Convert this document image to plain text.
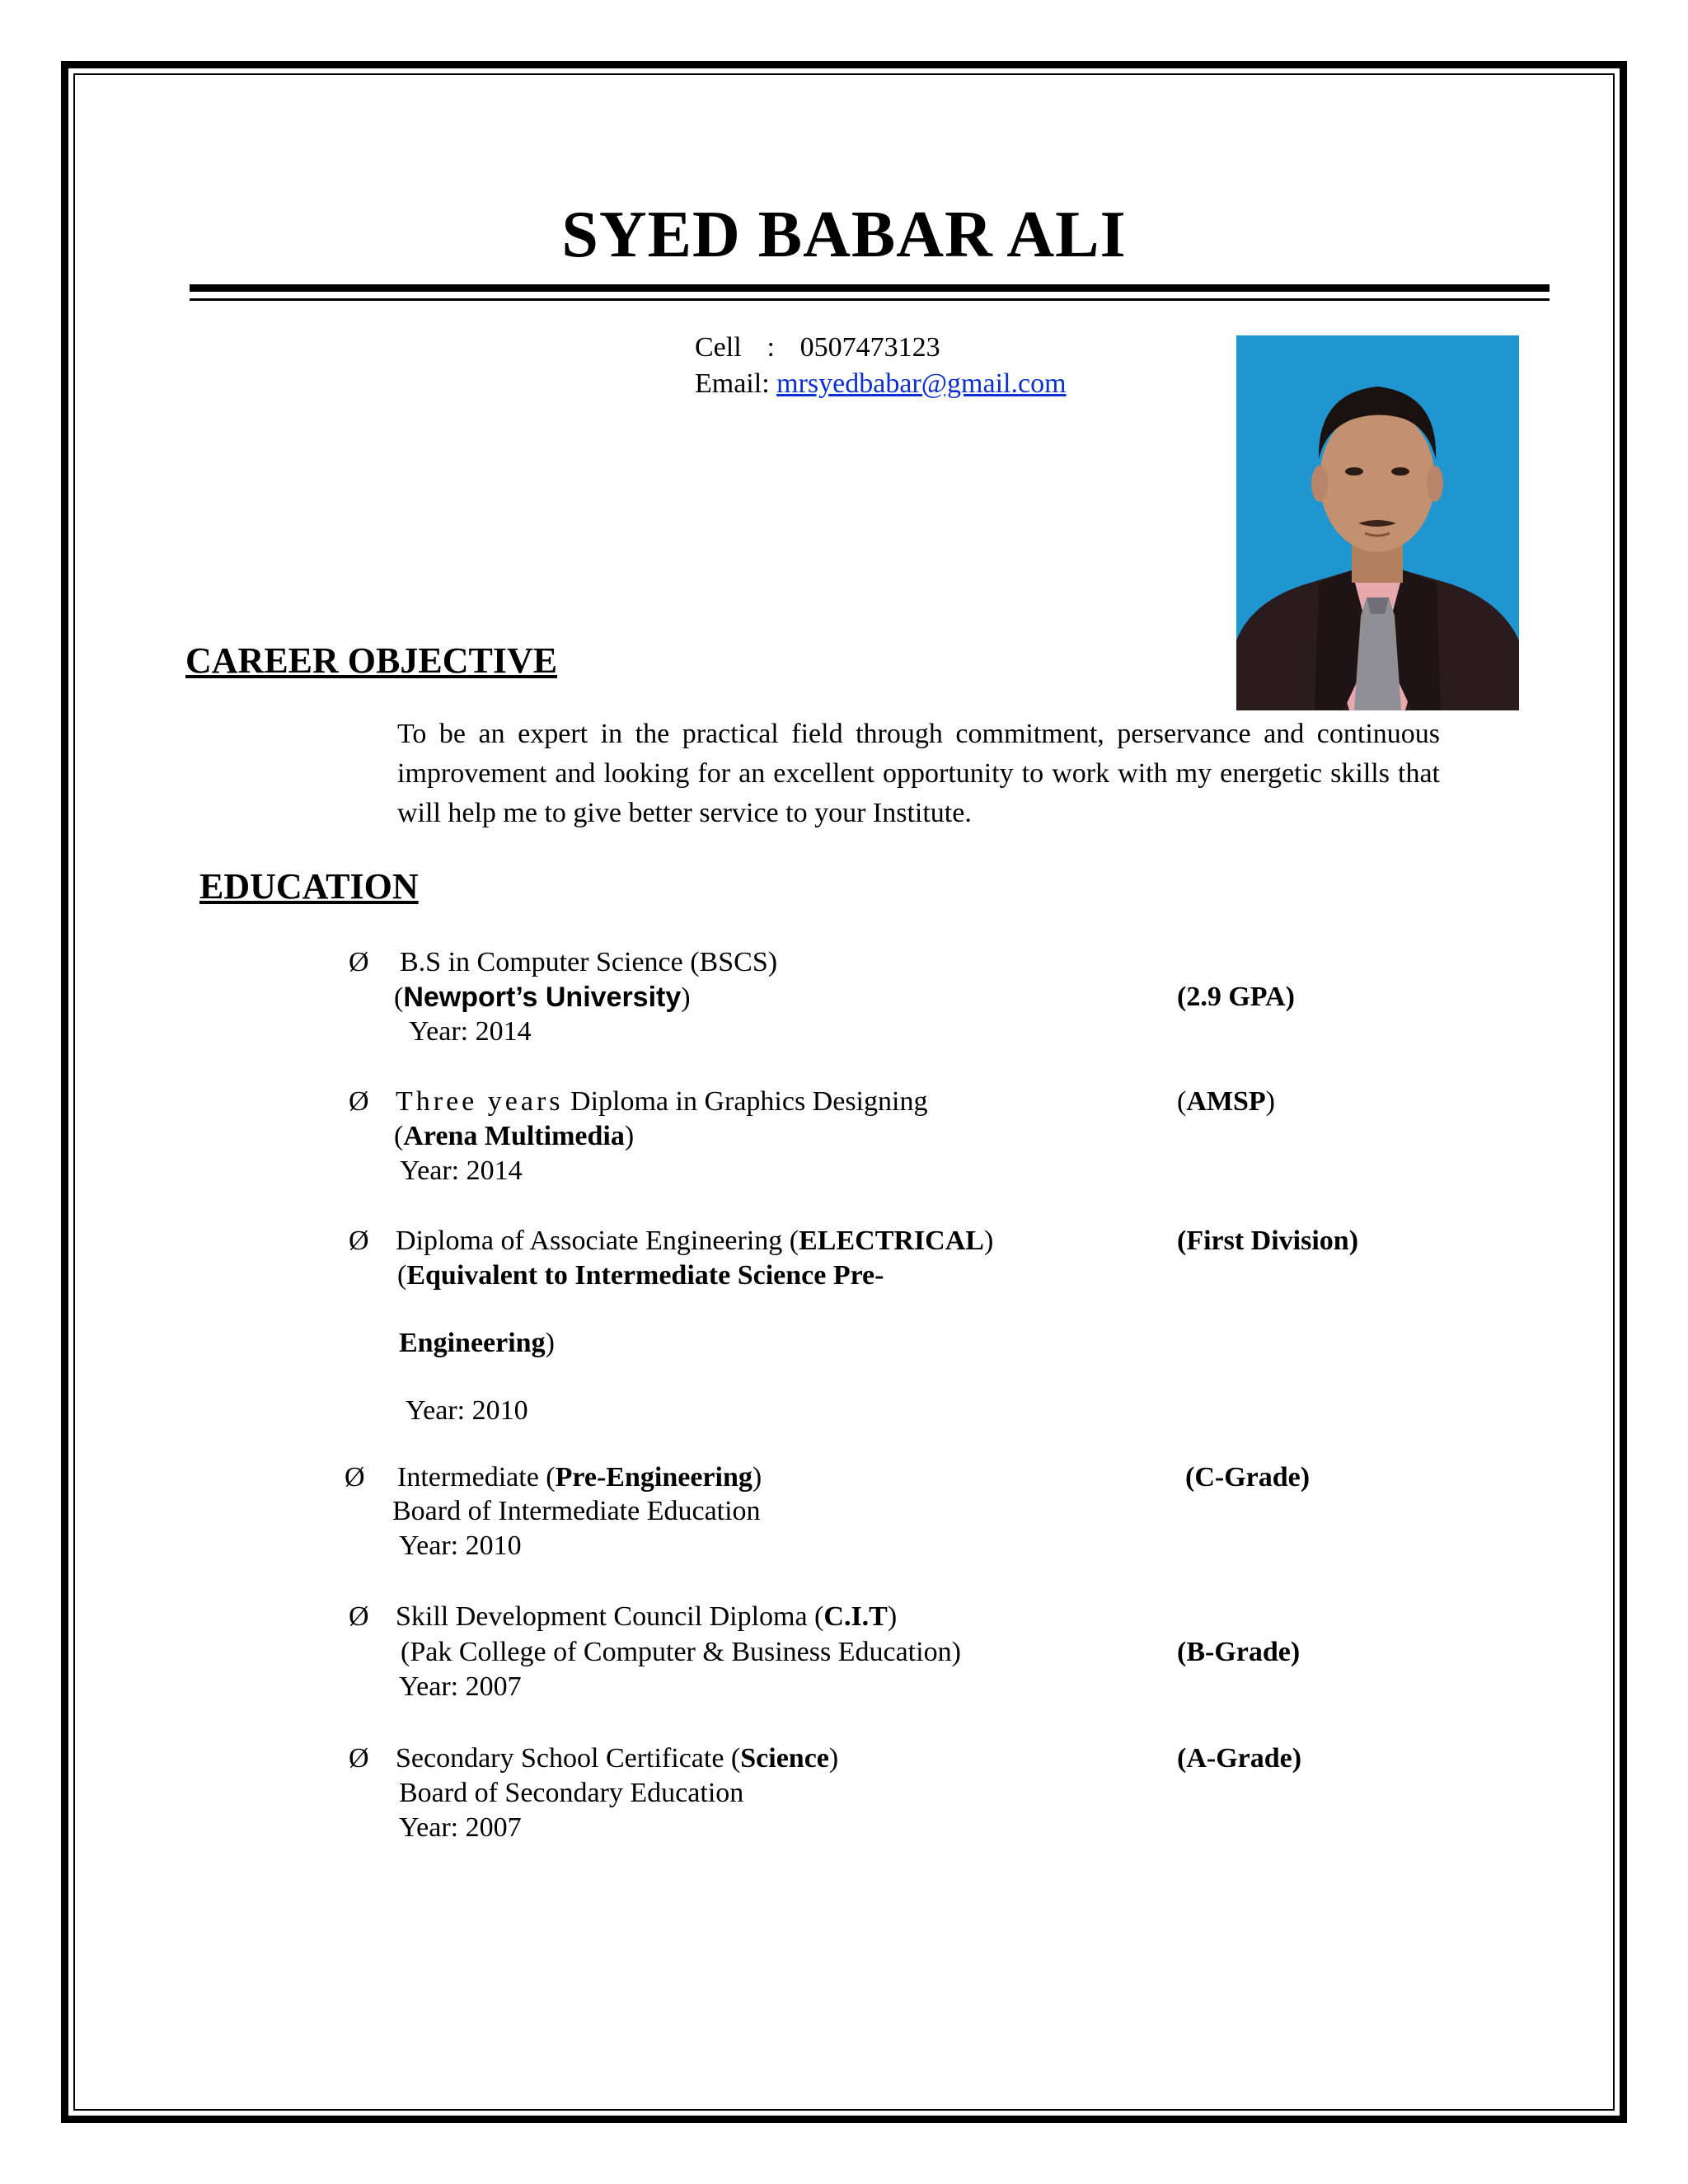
SYED BABAR ALI
Cell : 0507473123
Email: mrsyedbabar@gmail.com
CAREER OBJECTIVE
To be an expert in the practical field through commitment, perservance and continuous improvement and looking for an excellent opportunity to work with my energetic skills that will help me to give better service to your Institute.
EDUCATION
Ø B.S in Computer Science (BSCS)
(Newport’s University)	(2.9 GPA)
Year: 2014
Ø Three years Diploma in Graphics Designing	(AMSP)
(Arena Multimedia)
Year: 2014
Ø Diploma of Associate Engineering (ELECTRICAL)	(First Division)
(Equivalent to Intermediate Science Pre-
Engineering)
Year: 2010
Ø Intermediate (Pre-Engineering)	(C-Grade)
Board of Intermediate Education
Year: 2010
Ø Skill Development Council Diploma (C.I.T)
(Pak College of Computer & Business Education)	(B-Grade)
Year: 2007
Ø Secondary School Certificate (Science)	(A-Grade)
Board of Secondary Education
Year: 2007
